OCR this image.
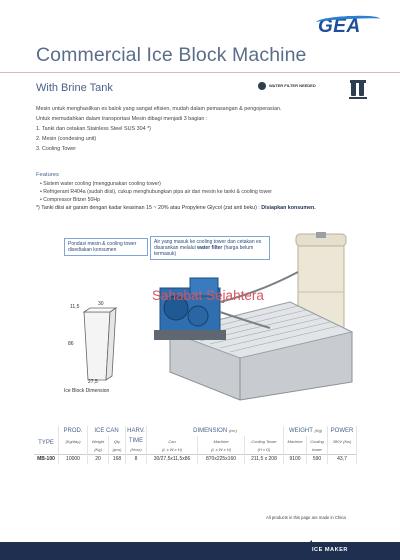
GEA
Commercial Ice Block Machine
With Brine Tank	WATER FILTER NEEDED
Mesin untuk menghasilkan es balok yang sangat efisien, mudah dalam pemasangan & pengoperasian.
Untuk memudahkan dalam transportasi Mesin dibagi menjadi 3 bagian :
1. Tanki dan cetakan Stainless Steel SUS 304 *)
2. Mesin (condesing unit)
3. Cooling Tower
Features
• Sistem water cooling (menggunakan cooling tower)
• Refrigerant R404a (sudah diisi), cukup menghubungkan pipa air dari mesin ke tanki & cooling tower
• Compressor Bitzer 50Hp
*) Tanki diisi air garam dengan kadar keasinan 15 ~ 20% atau Propylene Glycol (zat anti beku) : Disiapkan konsumen.
Pondasi mesin & cooling tower disediakan konsumen
Air yang masuk ke cooling tower dan cetakan es disarankan melalui water filter (harga belum termasuk)
Sahabat Sejahtera
11,5	30
86
27,5
Ice Block Dimension
TYPE	PROD.	ICE CAN		HARV.	DIMENSION (cm)			WEIGHT (Kg)		POWER
	(Kg/day)	Weight	Qty	TIME	Can	Machine	Cooling Tower	Machine	Cooling	380V (Kw)
		(Kg)	(pcs)	(Hour)	(L x W x H)	(L x W x H)	(H x D)		tower	
MB-100	10000	20	168	8	30/27,5x11,5x86	870x225x160	211,5 x 208	9100	590	43,7
All products in this page are made in China
ICE MAKER
